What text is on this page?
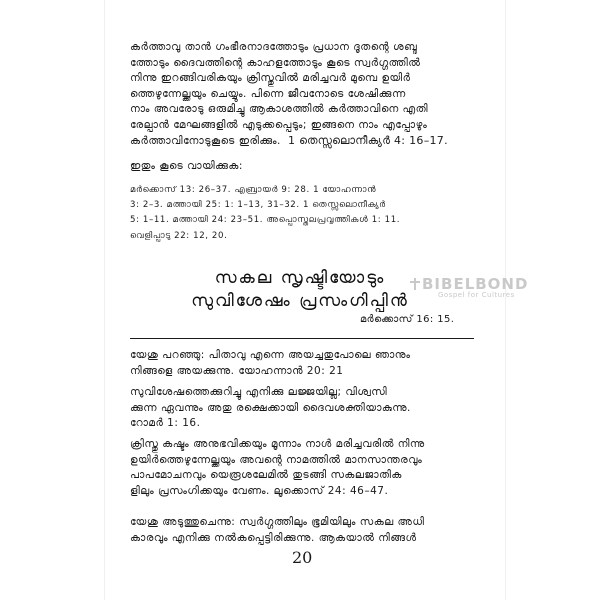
കർത്താവു താൻ ഗംഭീരനാദത്തോടും പ്രധാന ദൂതന്റെ ശബ്ദ
ത്തോടും ദൈവത്തിന്റെ കാഹളത്തോടും കൂടെ സ്വർഗ്ഗത്തിൽ
നിന്നു ഇറങ്ങിവരികയും ക്രിസ്തുവിൽ മരിച്ചവർ മുമ്പെ ഉയിർ
ത്തെഴുന്നേല്ക്കയും ചെയ്യും. പിന്നെ ജീവനോടെ ശേഷിക്കുന്ന
നാം അവരോടു ഒരുമിച്ചു ആകാശത്തിൽ കർത്താവിനെ എതി
രേല്പാൻ മേഘങ്ങളിൽ എടുക്കപ്പെടും; ഇങ്ങനെ നാം എപ്പോഴും
കർത്താവിനോടുകൂടെ ഇരിക്കും. 1 തെസ്സലൊനീക്യർ 4: 16–17.

ഇതും കൂടെ വായിക്കുക:

മർക്കൊസ് 13: 26–37. എബ്രായർ 9: 28. 1 യോഹന്നാൻ
3: 2–3. മത്തായി 25: 1: 1–13, 31–32. 1 തെസ്സലൊനീക്യർ
5: 1–11. മത്തായി 24: 23–51. അപ്പൊസ്തലപ്രവൃത്തികൾ 1: 11.
വെളിപ്പാടു 22: 12, 20.
സകല സൃഷ്ടിയോടും
സുവിശേഷം പ്രസംഗിപ്പിൻ
മർക്കൊസ് 16: 15.

യേശു പറഞ്ഞു: പിതാവു എന്നെ അയച്ചതുപോലെ ഞാനും
നിങ്ങളെ അയക്കുന്നു. യോഹന്നാൻ 20: 21

സുവിശേഷത്തെക്കുറിച്ചു എനിക്കു ലജ്ജയില്ല; വിശ്വസി
ക്കുന്ന ഏവന്നും അതു രക്ഷെക്കായി ദൈവശക്തിയാകുന്നു.
റോമർ 1: 16.

ക്രിസ്തു കഷ്ടം അനുഭവിക്കയും മൂന്നാം നാൾ മരിച്ചവരിൽ നിന്നു
ഉയിർത്തെഴുന്നേല്ക്കയും അവന്റെ നാമത്തിൽ മാനസാന്തരവും
പാപമോചനവും യെരൂശലേമിൽ തുടങ്ങി സകലജാതിക
ളിലും പ്രസംഗിക്കയും വേണം. ലൂക്കൊസ് 24: 46–47.

യേശു അടുത്തുചെന്നു: സ്വർഗ്ഗത്തിലും ഭൂമിയിലും സകല അധി
കാരവും എനിക്കു നൽകപ്പെട്ടിരിക്കുന്നു. ആകയാൽ നിങ്ങൾ

20
BIBELBOND
Gospel for Cultures
